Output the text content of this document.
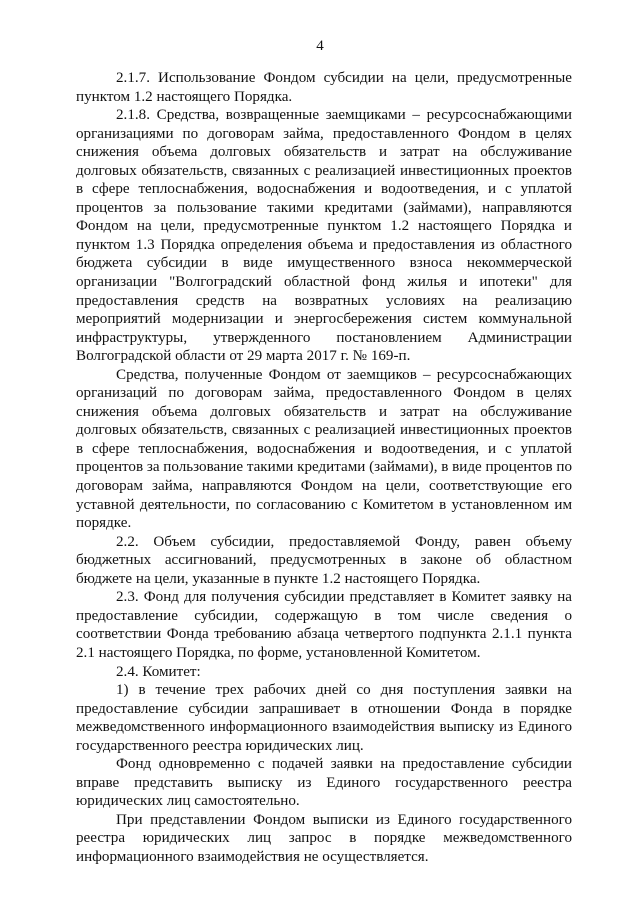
4

2.1.7. Использование Фондом субсидии на цели, предусмотренные пунктом 1.2 настоящего Порядка.

2.1.8. Средства, возвращенные заемщиками – ресурсоснабжающими организациями по договорам займа, предоставленного Фондом в целях снижения объема долговых обязательств и затрат на обслуживание долговых обязательств, связанных с реализацией инвестиционных проектов в сфере теплоснабжения, водоснабжения и водоотведения, и с уплатой процентов за пользование такими кредитами (займами), направляются Фондом на цели, предусмотренные пунктом 1.2 настоящего Порядка и пунктом 1.3 Порядка определения объема и предоставления из областного бюджета субсидии в виде имущественного взноса некоммерческой организации "Волгоградский областной фонд жилья и ипотеки" для предоставления средств на возвратных условиях на реализацию мероприятий модернизации и энергосбережения систем коммунальной инфраструктуры, утвержденного постановлением Администрации Волгоградской области от 29 марта 2017 г. № 169-п.

Средства, полученные Фондом от заемщиков – ресурсоснабжающих организаций по договорам займа, предоставленного Фондом в целях снижения объема долговых обязательств и затрат на обслуживание долговых обязательств, связанных с реализацией инвестиционных проектов в сфере теплоснабжения, водоснабжения и водоотведения, и с уплатой процентов за пользование такими кредитами (займами), в виде процентов по договорам займа, направляются Фондом на цели, соответствующие его уставной деятельности, по согласованию с Комитетом в установленном им порядке.

2.2. Объем субсидии, предоставляемой Фонду, равен объему бюджетных ассигнований, предусмотренных в законе об областном бюджете на цели, указанные в пункте 1.2 настоящего Порядка.

2.3. Фонд для получения субсидии представляет в Комитет заявку на предоставление субсидии, содержащую в том числе сведения о соответствии Фонда требованию абзаца четвертого подпункта 2.1.1 пункта 2.1 настоящего Порядка, по форме, установленной Комитетом.

2.4. Комитет:

1) в течение трех рабочих дней со дня поступления заявки на предоставление субсидии запрашивает в отношении Фонда в порядке межведомственного информационного взаимодействия выписку из Единого государственного реестра юридических лиц.

Фонд одновременно с подачей заявки на предоставление субсидии вправе представить выписку из Единого государственного реестра юридических лиц самостоятельно.

При представлении Фондом выписки из Единого государственного реестра юридических лиц запрос в порядке межведомственного информационного взаимодействия не осуществляется.
